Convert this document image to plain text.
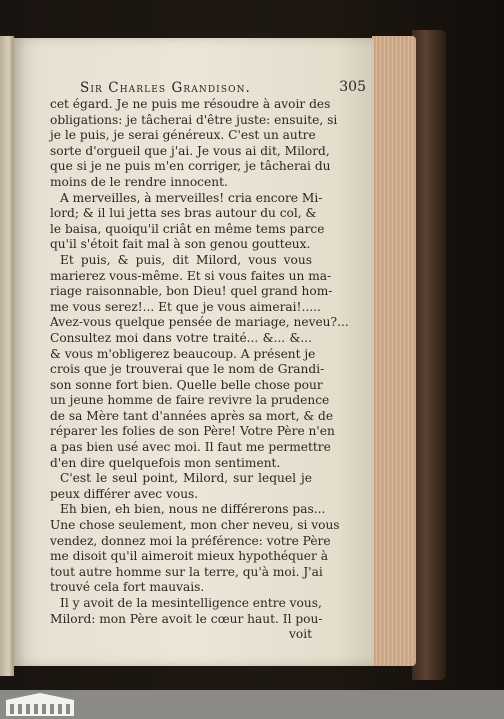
Sir Charles Grandison.	305
cet égard. Je ne puis me résoudre à avoir des
obligations: je tâcherai d'être juste: ensuite, si
je le puis, je serai généreux. C'est un autre
sorte d'orgueil que j'ai. Je vous ai dit, Milord,
que si je ne puis m'en corriger, je tâcherai du
moins de le rendre innocent.
A merveilles, à merveilles! cria encore Mi-
lord; & il lui jetta ses bras autour du col, &
le baisa, quoiqu'il criât en même tems parce
qu'il s'étoit fait mal à son genou goutteux.
Et puis, & puis, dit Milord, vous vous
marierez vous-même. Et si vous faites un ma-
riage raisonnable, bon Dieu! quel grand hom-
me vous serez!... Et que je vous aimerai!.....
Avez-vous quelque pensée de mariage, neveu?...
Consultez moi dans votre traité... &... &...
& vous m'obligerez beaucoup. A présent je
crois que je trouverai que le nom de Grandi-
son sonne fort bien. Quelle belle chose pour
un jeune homme de faire revivre la prudence
de sa Mère tant d'années après sa mort, & de
réparer les folies de son Père! Votre Père n'en
a pas bien usé avec moi. Il faut me permettre
d'en dire quelquefois mon sentiment.
C'est le seul point, Milord, sur lequel je
peux différer avec vous.
Eh bien, eh bien, nous ne différerons pas...
Une chose seulement, mon cher neveu, si vous
vendez, donnez moi la préférence: votre Père
me disoit qu'il aimeroit mieux hypothéquer à
tout autre homme sur la terre, qu'à moi. J'ai
trouvé cela fort mauvais.
Il y avoit de la mesintelligence entre vous,
Milord: mon Père avoit le cœur haut. Il pou-
voit
